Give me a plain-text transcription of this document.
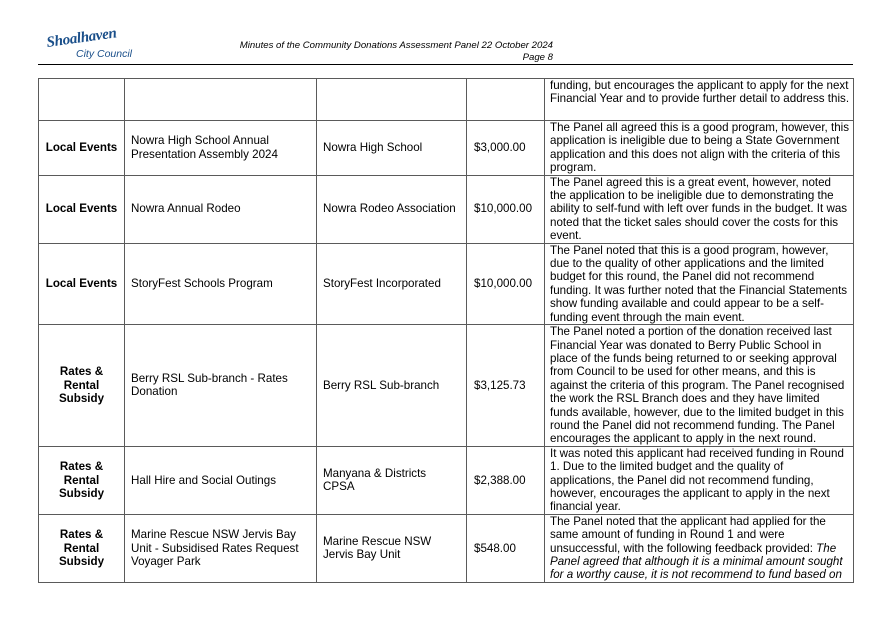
Shoalhaven
City Council
Minutes of the Community Donations Assessment Panel 22 October 2024
Page 8
				funding, but encourages the applicant to apply for the next Financial Year and to provide further detail to address this.
Local Events	Nowra High School Annual Presentation Assembly 2024	Nowra High School	$3,000.00	The Panel all agreed this is a good program, however, this application is ineligible due to being a State Government application and this does not align with the criteria of this program.
Local Events	Nowra Annual Rodeo	Nowra Rodeo Association	$10,000.00	The Panel agreed this is a great event, however, noted the application to be ineligible due to demonstrating the ability to self-fund with left over funds in the budget. It was noted that the ticket sales should cover the costs for this event.
Local Events	StoryFest Schools Program	StoryFest Incorporated	$10,000.00	The Panel noted that this is a good program, however, due to the quality of other applications and the limited budget for this round, the Panel did not recommend funding. It was further noted that the Financial Statements show funding available and could appear to be a self-funding event through the main event.
Rates & Rental Subsidy	Berry RSL Sub-branch - Rates Donation	Berry RSL Sub-branch	$3,125.73	The Panel noted a portion of the donation received last Financial Year was donated to Berry Public School in place of the funds being returned to or seeking approval from Council to be used for other means, and this is against the criteria of this program. The Panel recognised the work the RSL Branch does and they have limited funds available, however, due to the limited budget in this round the Panel did not recommend funding. The Panel encourages the applicant to apply in the next round.
Rates & Rental Subsidy	Hall Hire and Social Outings	Manyana & Districts CPSA	$2,388.00	It was noted this applicant had received funding in Round 1. Due to the limited budget and the quality of applications, the Panel did not recommend funding, however, encourages the applicant to apply in the next financial year.
Rates & Rental Subsidy	Marine Rescue NSW Jervis Bay Unit - Subsidised Rates Request Voyager Park	Marine Rescue NSW Jervis Bay Unit	$548.00	The Panel noted that the applicant had applied for the same amount of funding in Round 1 and were unsuccessful, with the following feedback provided: The Panel agreed that although it is a minimal amount sought for a worthy cause, it is not recommend to fund based on
